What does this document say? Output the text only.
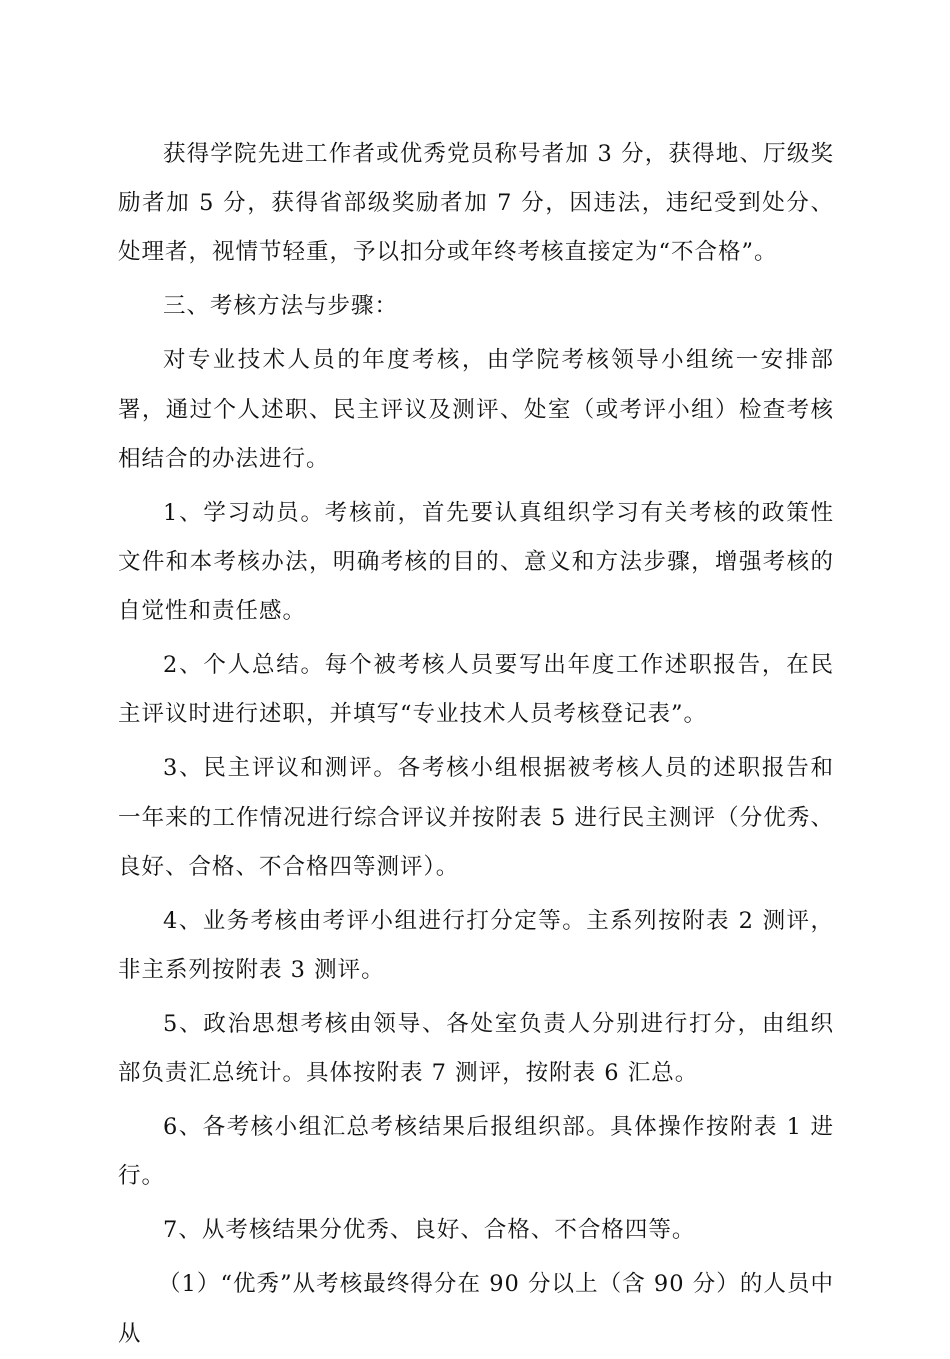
获得学院先进工作者或优秀党员称号者加 3 分，获得地、厅级奖励者加 5 分，获得省部级奖励者加 7 分，因违法，违纪受到处分、处理者，视情节轻重，予以扣分或年终考核直接定为“不合格”。

三、考核方法与步骤：

对专业技术人员的年度考核，由学院考核领导小组统一安排部署，通过个人述职、民主评议及测评、处室（或考评小组）检查考核相结合的办法进行。

1、学习动员。考核前，首先要认真组织学习有关考核的政策性文件和本考核办法，明确考核的目的、意义和方法步骤，增强考核的自觉性和责任感。

2、个人总结。每个被考核人员要写出年度工作述职报告，在民主评议时进行述职，并填写“专业技术人员考核登记表”。

3、民主评议和测评。各考核小组根据被考核人员的述职报告和一年来的工作情况进行综合评议并按附表 5 进行民主测评（分优秀、良好、合格、不合格四等测评）。

4、业务考核由考评小组进行打分定等。主系列按附表 2 测评，非主系列按附表 3 测评。

5、政治思想考核由领导、各处室负责人分别进行打分，由组织部负责汇总统计。具体按附表 7 测评，按附表 6 汇总。

6、各考核小组汇总考核结果后报组织部。具体操作按附表 1 进行。

7、从考核结果分优秀、良好、合格、不合格四等。

（1）“优秀”从考核最终得分在 90 分以上（含 90 分）的人员中从
